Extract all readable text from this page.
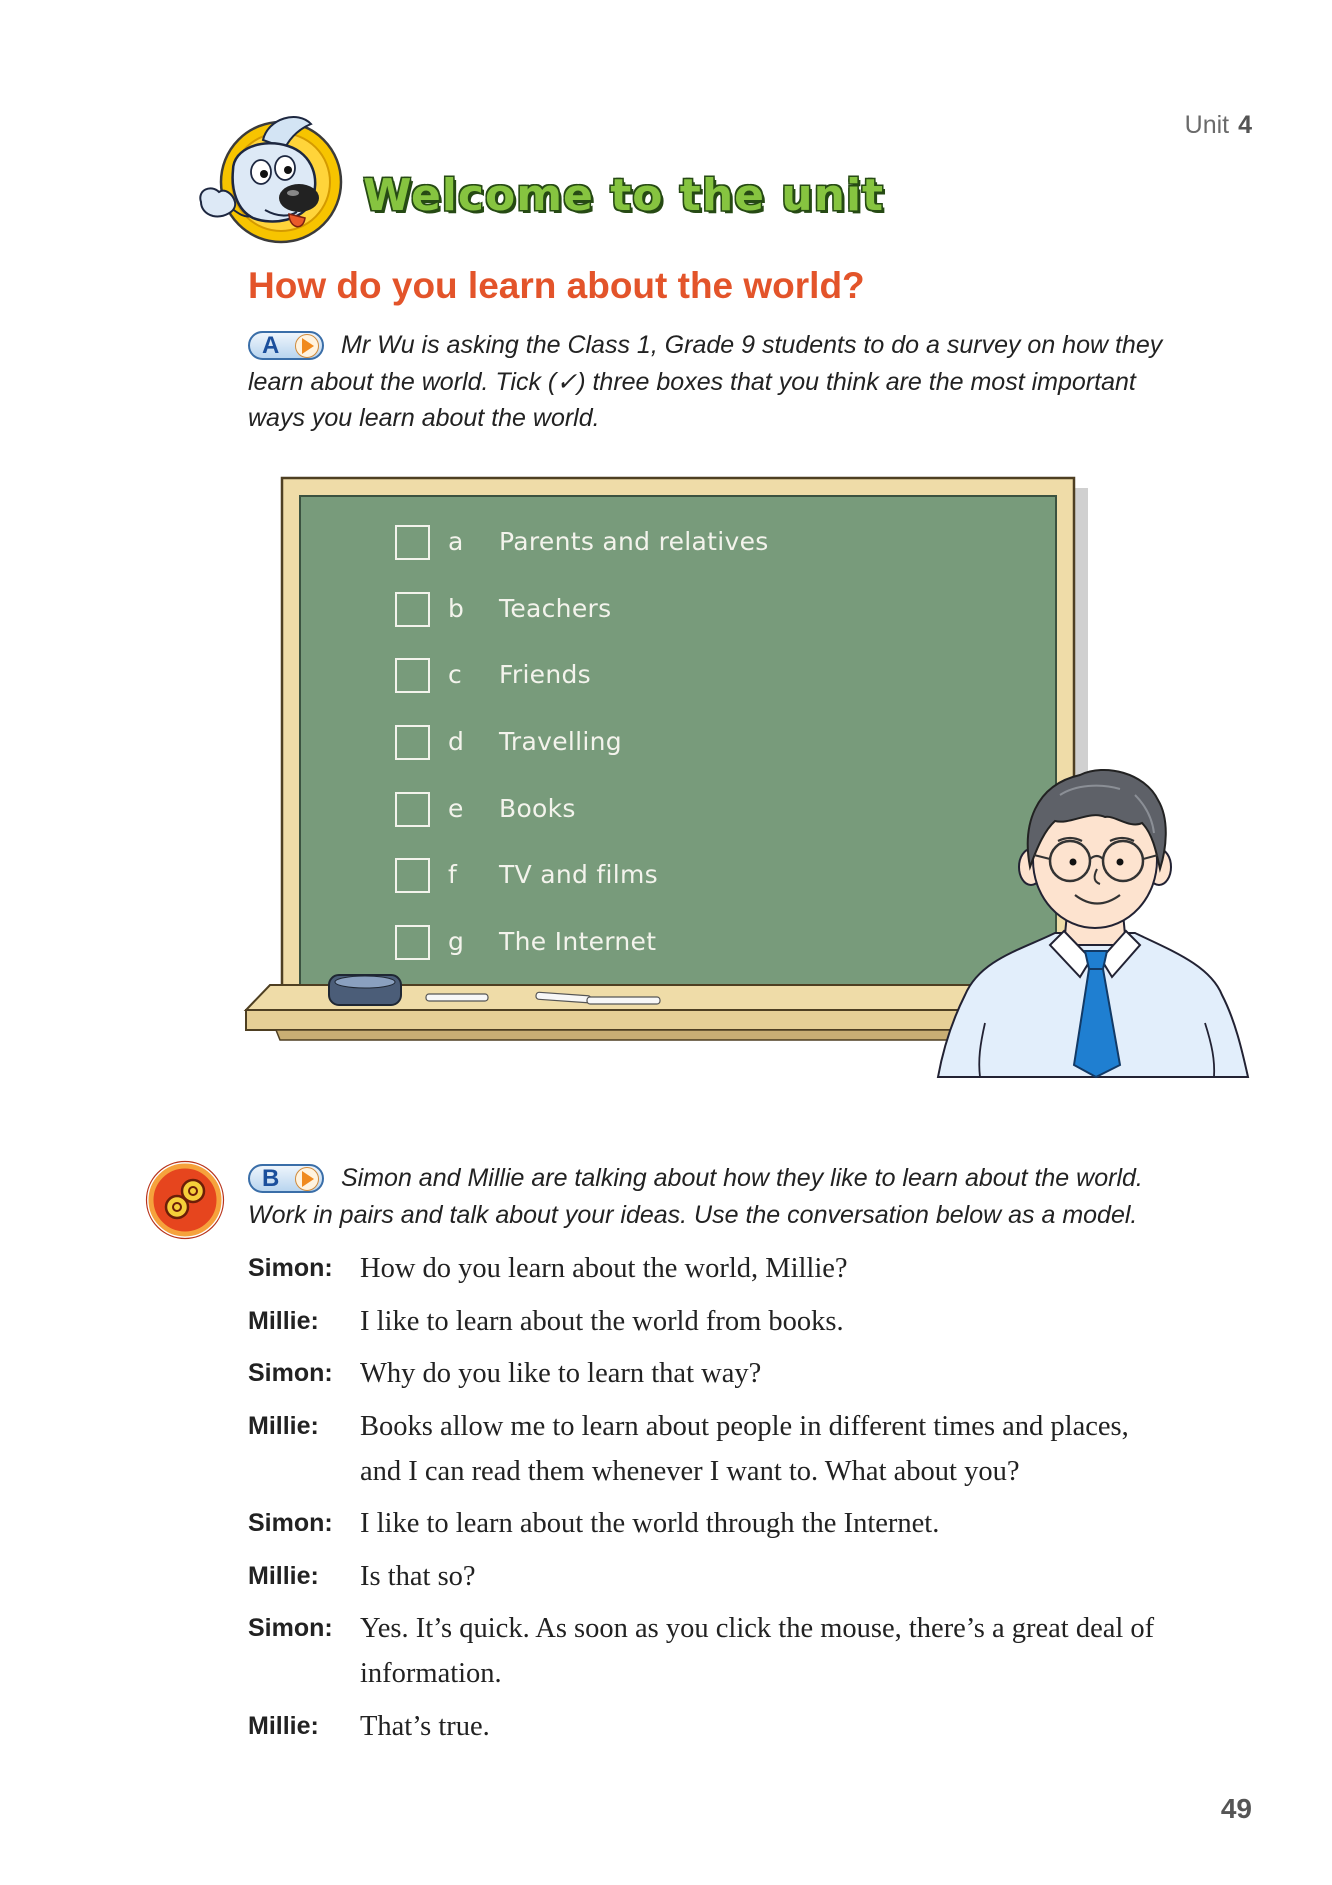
Unit 4
Welcome to the unit
How do you learn about the world?
A	Mr Wu is asking the Class 1, Grade 9 students to do a survey on how they
learn about the world. Tick (✓) three boxes that you think are the most important
ways you learn about the world.
a Parents and relatives
b Teachers
c Friends
d Travelling
e Books
f TV and films
g The Internet
B	Simon and Millie are talking about how they like to learn about the world.
Work in pairs and talk about your ideas. Use the conversation below as a model.
Simon: How do you learn about the world, Millie?
Millie: I like to learn about the world from books.
Simon: Why do you like to learn that way?
Millie: Books allow me to learn about people in different times and places,
and I can read them whenever I want to. What about you?
Simon: I like to learn about the world through the Internet.
Millie: Is that so?
Simon: Yes. It’s quick. As soon as you click the mouse, there’s a great deal of
information.
Millie: That’s true.
49
